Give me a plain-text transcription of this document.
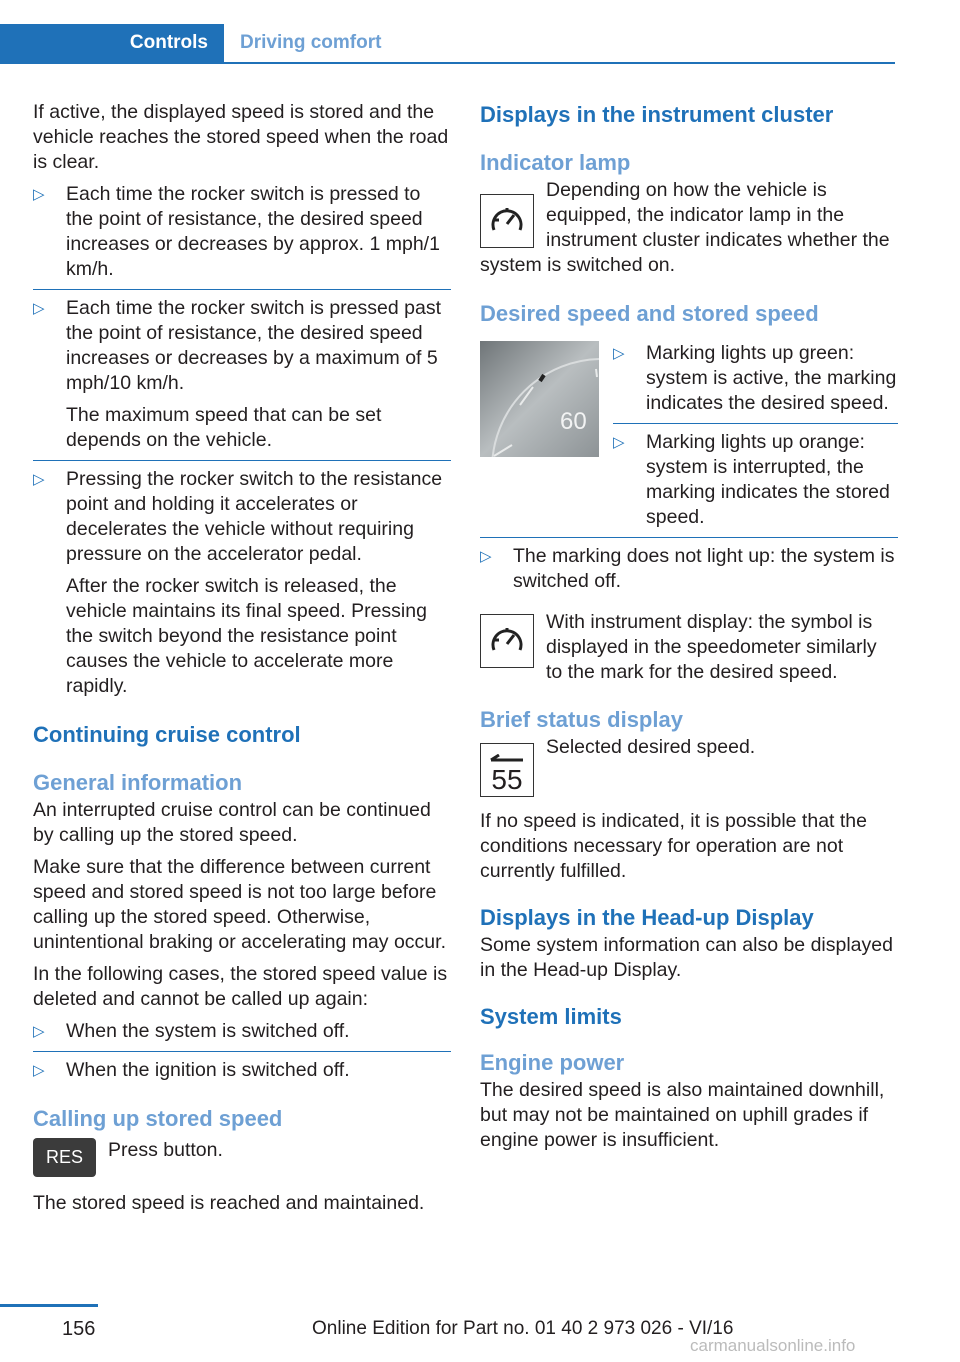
Controls	Driving comfort

If active, the displayed speed is stored and the vehicle reaches the stored speed when the road is clear.

▷ Each time the rocker switch is pressed to the point of resistance, the desired speed increases or decreases by approx. 1 mph/1 km/h.
▷ Each time the rocker switch is pressed past the point of resistance, the desired speed increases or decreases by a maximum of 5 mph/10 km/h.
The maximum speed that can be set depends on the vehicle.
▷ Pressing the rocker switch to the resistance point and holding it accelerates or decelerates the vehicle without requiring pressure on the accelerator pedal.
After the rocker switch is released, the vehicle maintains its final speed. Pressing the switch beyond the resistance point causes the vehicle to accelerate more rapidly.
Continuing cruise control
General information

An interrupted cruise control can be continued by calling up the stored speed.

Make sure that the difference between current speed and stored speed is not too large before calling up the stored speed. Otherwise, unintentional braking or accelerating may occur.

In the following cases, the stored speed value is deleted and cannot be called up again:

▷ When the system is switched off.
▷ When the ignition is switched off.
Calling up stored speed
RES	Press button.

The stored speed is reached and maintained.

Displays in the instrument cluster
Indicator lamp

Depending on how the vehicle is equipped, the indicator lamp in the instrument cluster indicates whether the system is switched on.

Desired speed and stored speed
60
▷ Marking lights up green: system is active, the marking indicates the desired speed.
▷ Marking lights up orange: system is interrupted, the marking indicates the stored speed.
▷ The marking does not light up: the system is switched off.
With instrument display: the symbol is displayed in the speedometer similarly to the mark for the desired speed.
Brief status display
55
Selected desired speed.

If no speed is indicated, it is possible that the conditions necessary for operation are not currently fulfilled.

Displays in the Head-up Display

Some system information can also be displayed in the Head-up Display.

System limits
Engine power

The desired speed is also maintained downhill, but may not be maintained on uphill grades if engine power is insufficient.

156	Online Edition for Part no. 01 40 2 973 026 - VI/16
carmanualsonline.info
